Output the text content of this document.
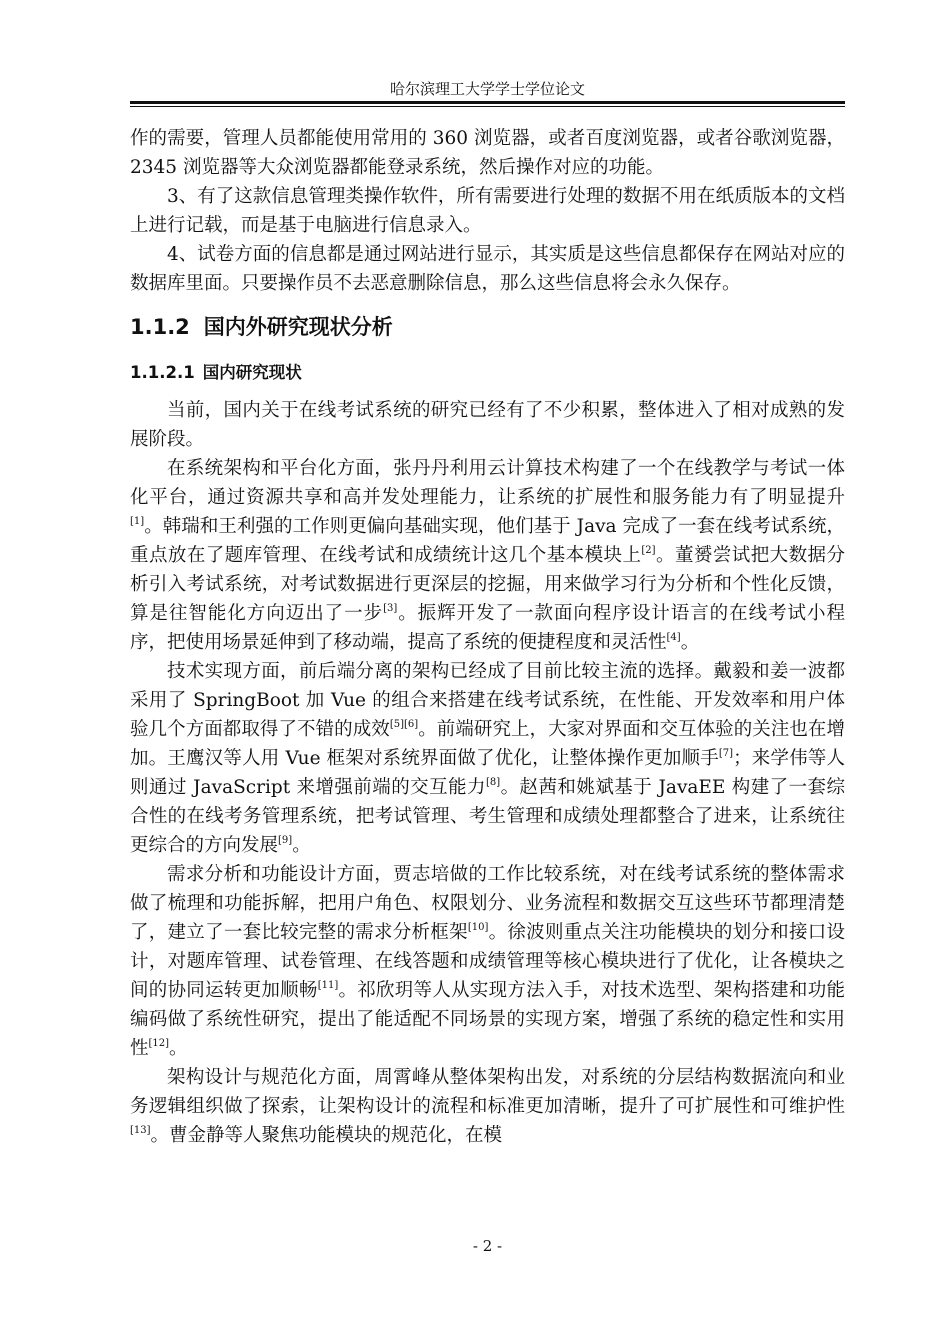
哈尔滨理工大学学士学位论文

作的需要，管理人员都能使用常用的 360 浏览器，或者百度浏览器，或者谷歌浏览器，2345 浏览器等大众浏览器都能登录系统，然后操作对应的功能。

3、有了这款信息管理类操作软件，所有需要进行处理的数据不用在纸质版本的文档上进行记载，而是基于电脑进行信息录入。

4、试卷方面的信息都是通过网站进行显示，其实质是这些信息都保存在网站对应的数据库里面。只要操作员不去恶意删除信息，那么这些信息将会永久保存。

1.1.2 国内外研究现状分析
1.1.2.1 国内研究现状

当前，国内关于在线考试系统的研究已经有了不少积累，整体进入了相对成熟的发展阶段。

在系统架构和平台化方面，张丹丹利用云计算技术构建了一个在线教学与考试一体化平台，通过资源共享和高并发处理能力，让系统的扩展性和服务能力有了明显提升[1]。韩瑞和王利强的工作则更偏向基础实现，他们基于 Java 完成了一套在线考试系统，重点放在了题库管理、在线考试和成绩统计这几个基本模块上[2]。董赟尝试把大数据分析引入考试系统，对考试数据进行更深层的挖掘，用来做学习行为分析和个性化反馈，算是往智能化方向迈出了一步[3]。振辉开发了一款面向程序设计语言的在线考试小程序，把使用场景延伸到了移动端，提高了系统的便捷程度和灵活性[4]。

技术实现方面，前后端分离的架构已经成了目前比较主流的选择。戴毅和姜一波都采用了 SpringBoot 加 Vue 的组合来搭建在线考试系统，在性能、开发效率和用户体验几个方面都取得了不错的成效[5][6]。前端研究上，大家对界面和交互体验的关注也在增加。王鹰汉等人用 Vue 框架对系统界面做了优化，让整体操作更加顺手[7]；来学伟等人则通过 JavaScript 来增强前端的交互能力[8]。赵茜和姚斌基于 JavaEE 构建了一套综合性的在线考务管理系统，把考试管理、考生管理和成绩处理都整合了进来，让系统往更综合的方向发展[9]。

需求分析和功能设计方面，贾志培做的工作比较系统，对在线考试系统的整体需求做了梳理和功能拆解，把用户角色、权限划分、业务流程和数据交互这些环节都理清楚了，建立了一套比较完整的需求分析框架[10]。徐波则重点关注功能模块的划分和接口设计，对题库管理、试卷管理、在线答题和成绩管理等核心模块进行了优化，让各模块之间的协同运转更加顺畅[11]。祁欣玥等人从实现方法入手，对技术选型、架构搭建和功能编码做了系统性研究，提出了能适配不同场景的实现方案，增强了系统的稳定性和实用性[12]。

架构设计与规范化方面，周霄峰从整体架构出发，对系统的分层结构数据流向和业务逻辑组织做了探索，让架构设计的流程和标准更加清晰，提升了可扩展性和可维护性[13]。曹金静等人聚焦功能模块的规范化，在模

- 2 -
